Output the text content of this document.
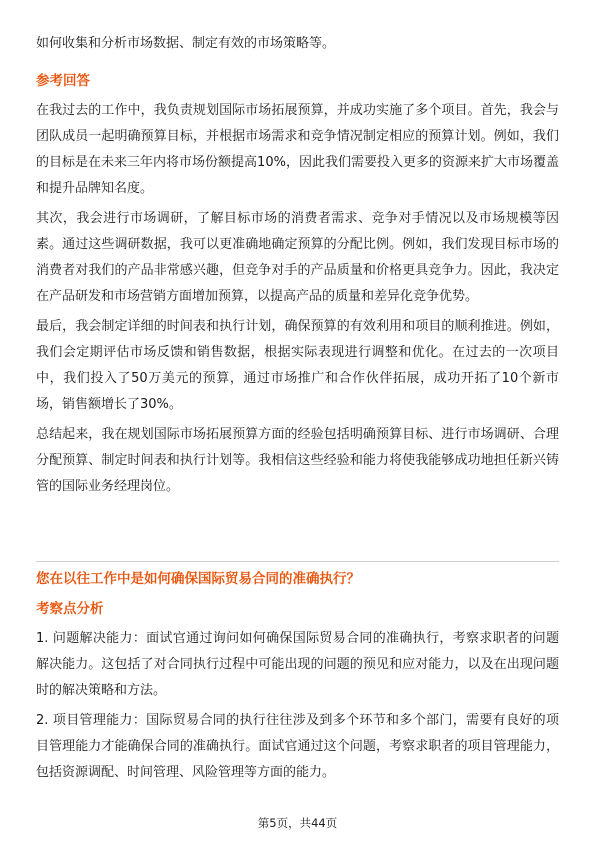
如何收集和分析市场数据、制定有效的市场策略等。

参考回答

在我过去的工作中，我负责规划国际市场拓展预算，并成功实施了多个项目。首先，我会与团队成员一起明确预算目标，并根据市场需求和竞争情况制定相应的预算计划。例如，我们的目标是在未来三年内将市场份额提高10%，因此我们需要投入更多的资源来扩大市场覆盖和提升品牌知名度。

其次，我会进行市场调研，了解目标市场的消费者需求、竞争对手情况以及市场规模等因素。通过这些调研数据，我可以更准确地确定预算的分配比例。例如，我们发现目标市场的消费者对我们的产品非常感兴趣，但竞争对手的产品质量和价格更具竞争力。因此，我决定在产品研发和市场营销方面增加预算，以提高产品的质量和差异化竞争优势。

最后，我会制定详细的时间表和执行计划，确保预算的有效利用和项目的顺利推进。例如，我们会定期评估市场反馈和销售数据，根据实际表现进行调整和优化。在过去的一次项目中，我们投入了50万美元的预算，通过市场推广和合作伙伴拓展，成功开拓了10个新市场，销售额增长了30%。

总结起来，我在规划国际市场拓展预算方面的经验包括明确预算目标、进行市场调研、合理分配预算、制定时间表和执行计划等。我相信这些经验和能力将使我能够成功地担任新兴铸管的国际业务经理岗位。

您在以往工作中是如何确保国际贸易合同的准确执行？

考察点分析

1. 问题解决能力：面试官通过询问如何确保国际贸易合同的准确执行，考察求职者的问题解决能力。这包括了对合同执行过程中可能出现的问题的预见和应对能力，以及在出现问题时的解决策略和方法。

2. 项目管理能力：国际贸易合同的执行往往涉及到多个环节和多个部门，需要有良好的项目管理能力才能确保合同的准确执行。面试官通过这个问题，考察求职者的项目管理能力，包括资源调配、时间管理、风险管理等方面的能力。

第5页，共44页
